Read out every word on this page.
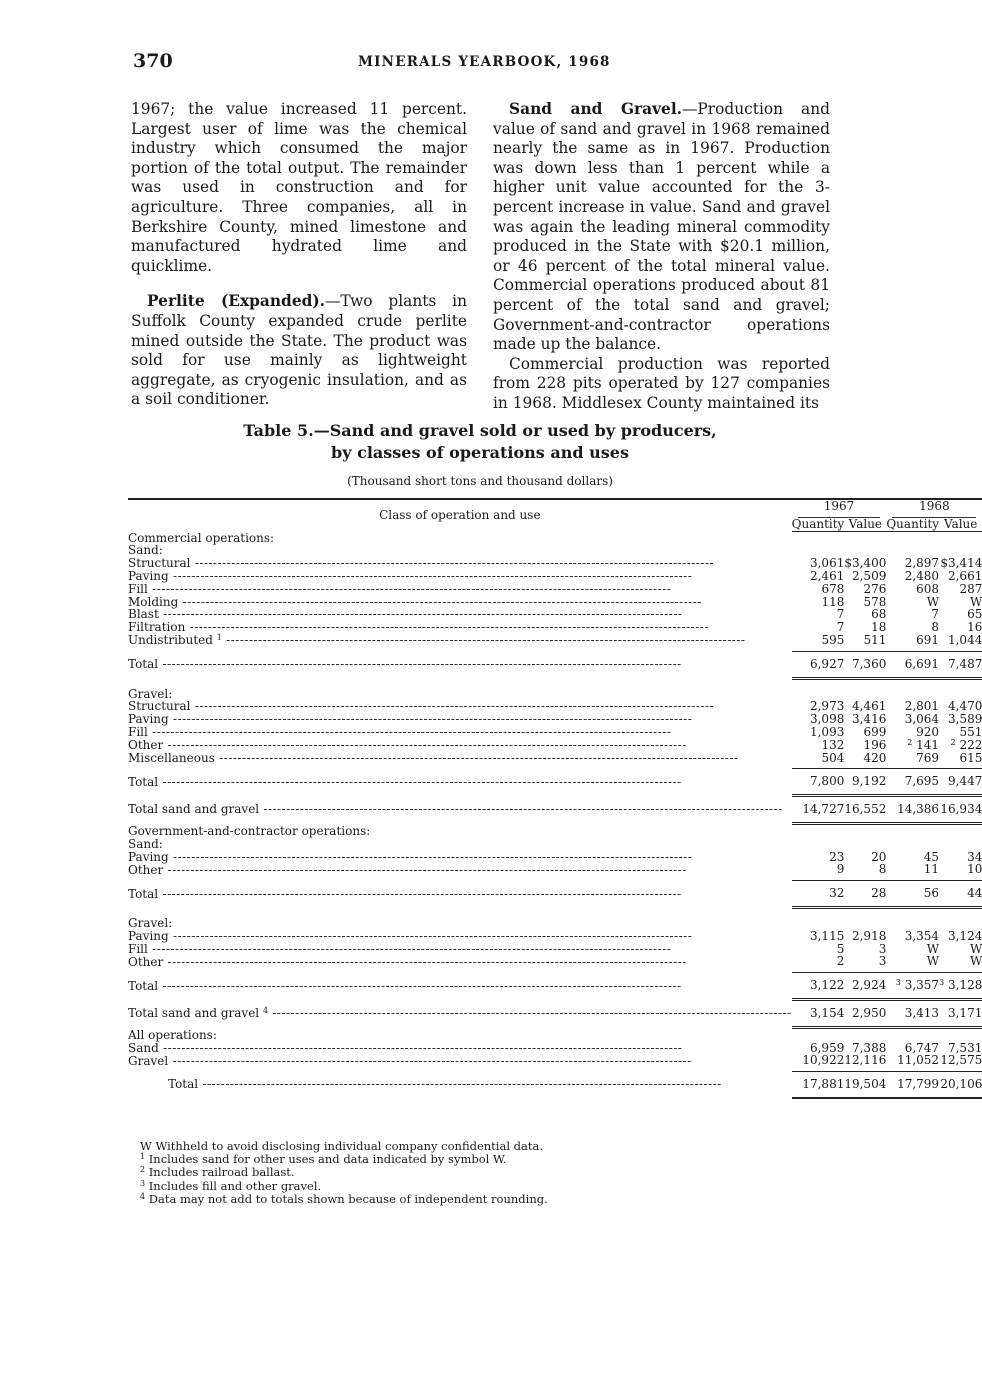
370	MINERALS YEARBOOK, 1968

1967; the value increased 11 percent. Largest user of lime was the chemical industry which consumed the major portion of the total output. The remainder was used in construction and for agriculture. Three companies, all in Berkshire County, mined limestone and manufactured hydrated lime and quicklime.

Perlite (Expanded).—Two plants in Suffolk County expanded crude perlite mined outside the State. The product was sold for use mainly as lightweight aggregate, as cryogenic insulation, and as a soil conditioner.

Sand and Gravel.—Production and value of sand and gravel in 1968 remained nearly the same as in 1967. Production was down less than 1 percent while a higher unit value accounted for the 3-percent increase in value. Sand and gravel was again the leading mineral commodity produced in the State with $20.1 million, or 46 percent of the total mineral value. Commercial operations produced about 81 percent of the total sand and gravel; Government-and-contractor operations made up the balance.

Commercial production was reported from 228 pits operated by 127 companies in 1968. Middlesex County maintained its

Table 5.—Sand and gravel sold or used by producers,
by classes of operations and uses
(Thousand short tons and thousand dollars)
Class of operation and use	1967		1968	

	Quantity	Value	Quantity	Value
Commercial operations:				
Sand:				
Structural -----	3,061	$3,400	2,897	$3,414
Paving -----	2,461	2,509	2,480	2,661
Fill -----	678	276	608	287
Molding -----	118	578	W	W
Blast -----	7	68	7	65
Filtration -----	7	18	8	16
Undistributed $^1$ -----	595	511	691	1,044
Total -----	6,927	7,360	6,691	7,487
Gravel:				
Structural -----	2,973	4,461	2,801	4,470
Paving -----	3,098	3,416	3,064	3,589
Fill -----	1,093	699	920	551
Other -----	132	196	$^2$ 141	$^2$ 222
Miscellaneous -----	504	420	769	615
Total -----	7,800	9,192	7,695	9,447
Total sand and gravel -----	14,727	16,552	14,386	16,934
Government-and-contractor operations:				
Sand:				
Paving -----	23	20	45	34
Other -----	9	8	11	10
Total -----	32	28	56	44
Gravel:				
Paving -----	3,115	2,918	3,354	3,124
Fill -----	5	3	W	W
Other -----	2	3	W	W
Total -----	3,122	2,924	$^3$ 3,357	$^3$ 3,128
Total sand and gravel $^4$ -----	3,154	2,950	3,413	3,171
All operations:				
Sand -----	6,959	7,388	6,747	7,531
Gravel -----	10,922	12,116	11,052	12,575
Total -----	17,881	19,504	17,799	20,106
W Withheld to avoid disclosing individual company confidential data.
$^1$ Includes sand for other uses and data indicated by symbol W.
$^2$ Includes railroad ballast.
$^3$ Includes fill and other gravel.
$^4$ Data may not add to totals shown because of independent rounding.
